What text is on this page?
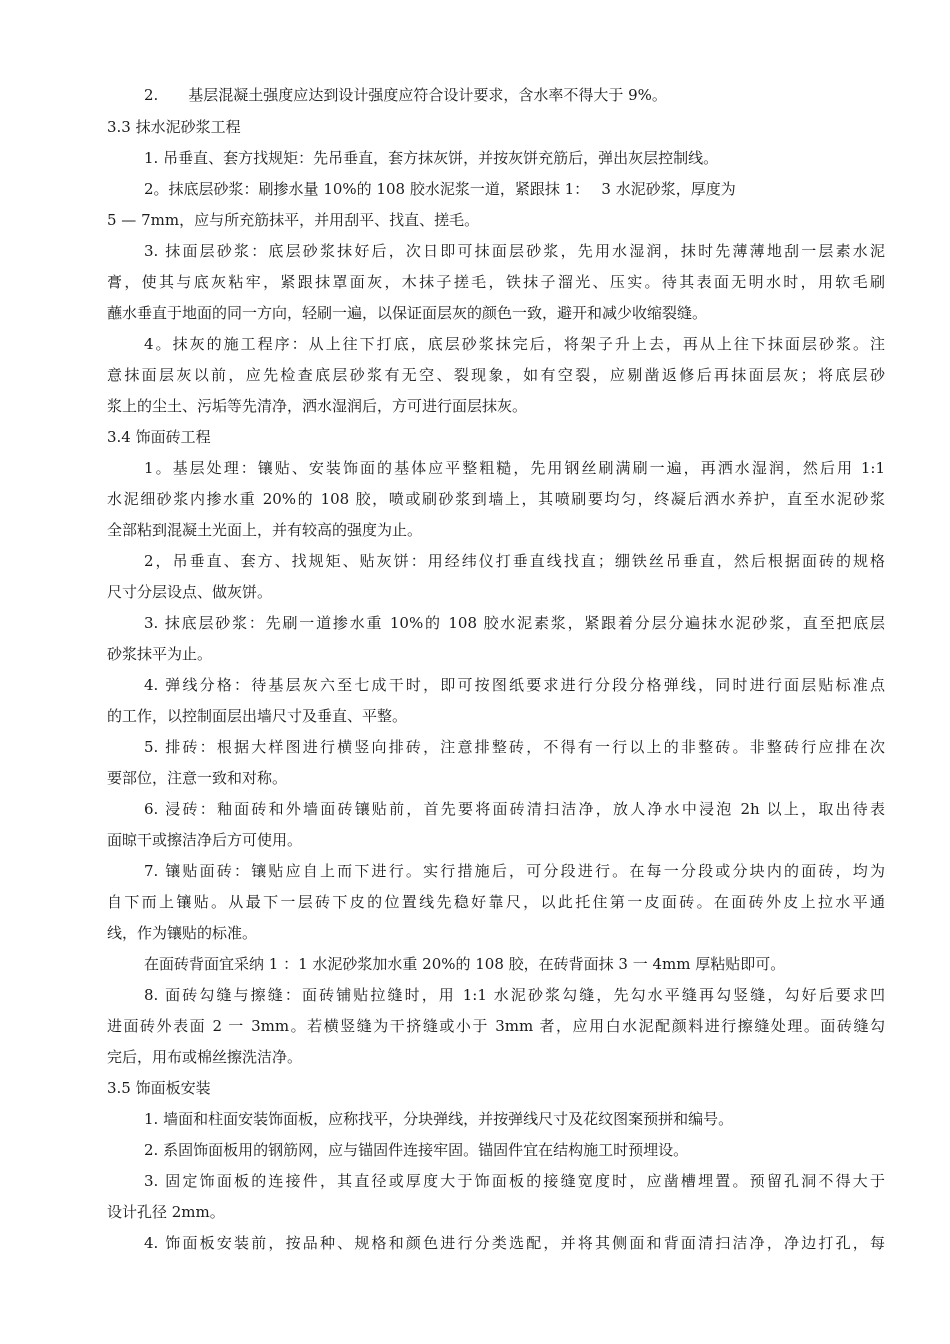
2.　　基层混凝土强度应达到设计强度应符合设计要求，含水率不得大于 9%。

3.3 抹水泥砂浆工程

1. 吊垂直、套方找规矩：先吊垂直，套方抹灰饼，并按灰饼充筋后，弹出灰层控制线。

2。抹底层砂浆：刷掺水量 10%的 108 胶水泥浆一道，紧跟抹 1：　 3 水泥砂浆，厚度为

5 — 7mm，应与所充筋抹平，并用刮平、找直、搓毛。

3. 抹面层砂浆：底层砂浆抹好后，次日即可抹面层砂浆，先用水湿润，抹时先薄薄地刮一层素水泥

膏，使其与底灰粘牢，紧跟抹罩面灰，木抹子搓毛，铁抹子溜光、压实。待其表面无明水时，用软毛刷

蘸水垂直于地面的同一方向，轻刷一遍，以保证面层灰的颜色一致，避开和减少收缩裂缝。

4。抹灰的施工程序：从上往下打底，底层砂浆抹完后，将架子升上去，再从上往下抹面层砂浆。注

意抹面层灰以前，应先检查底层砂浆有无空、裂现象，如有空裂，应剔凿返修后再抹面层灰；将底层砂

浆上的尘土、污垢等先清净，洒水湿润后，方可进行面层抹灰。

3.4 饰面砖工程

1。基层处理：镶贴、安装饰面的基体应平整粗糙，先用钢丝刷满刷一遍，再洒水湿润，然后用 1:1

水泥细砂浆内掺水重 20%的 108 胶，喷或刷砂浆到墙上，其喷刷要均匀，终凝后洒水养护，直至水泥砂浆

全部粘到混凝土光面上，并有较高的强度为止。

2，吊垂直、套方、找规矩、贴灰饼：用经纬仪打垂直线找直；绷铁丝吊垂直，然后根据面砖的规格

尺寸分层设点、做灰饼。

3. 抹底层砂浆：先刷一道掺水重 10%的 108 胶水泥素浆，紧跟着分层分遍抹水泥砂浆，直至把底层

砂浆抹平为止。

4. 弹线分格：待基层灰六至七成干时，即可按图纸要求进行分段分格弹线，同时进行面层贴标准点

的工作，以控制面层出墙尺寸及垂直、平整。

5. 排砖：根据大样图进行横竖向排砖，注意排整砖，不得有一行以上的非整砖。非整砖行应排在次

要部位，注意一致和对称。

6. 浸砖：釉面砖和外墙面砖镶贴前，首先要将面砖清扫洁净，放人净水中浸泡 2h 以上，取出待表

面晾干或擦洁净后方可使用。

7. 镶贴面砖：镶贴应自上而下进行。实行措施后，可分段进行。在每一分段或分块内的面砖，均为

自下而上镶贴。从最下一层砖下皮的位置线先稳好靠尺，以此托住第一皮面砖。在面砖外皮上拉水平通

线，作为镶贴的标准。

在面砖背面宜采纳 1 ：1 水泥砂浆加水重 20%的 108 胶，在砖背面抹 3 一 4mm 厚粘贴即可。

8. 面砖勾缝与擦缝：面砖铺贴拉缝时，用 1:1 水泥砂浆勾缝，先勾水平缝再勾竖缝，勾好后要求凹

进面砖外表面 2 一 3mm。若横竖缝为干挤缝或小于 3mm 者，应用白水泥配颜料进行擦缝处理。面砖缝勾

完后，用布或棉丝擦洗洁净。

3.5 饰面板安装

1. 墙面和柱面安装饰面板，应称找平，分块弹线，并按弹线尺寸及花纹图案预拼和编号。

2. 系固饰面板用的钢筋网，应与锚固件连接牢固。锚固件宜在结构施工时预埋设。

3. 固定饰面板的连接件，其直径或厚度大于饰面板的接缝宽度时，应凿槽埋置。预留孔洞不得大于

设计孔径 2mm。

4. 饰面板安装前，按品种、规格和颜色进行分类选配，并将其侧面和背面清扫洁净，净边打孔，每
